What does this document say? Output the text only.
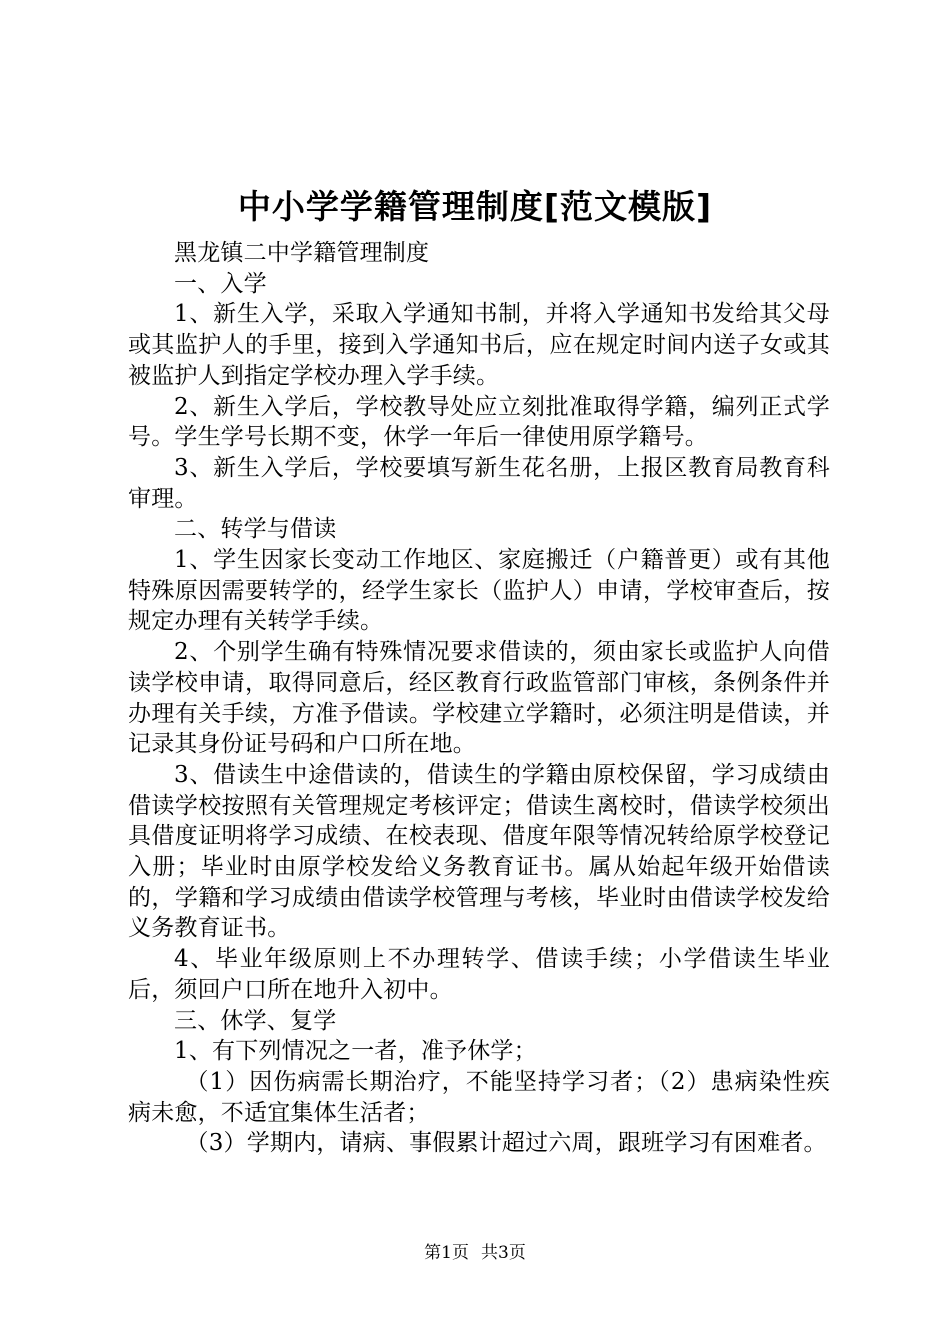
中小学学籍管理制度[范文模版]

黑龙镇二中学籍管理制度

一、入学

1、新生入学，采取入学通知书制，并将入学通知书发给其父母或其监护人的手里，接到入学通知书后，应在规定时间内送子女或其被监护人到指定学校办理入学手续。

2、新生入学后，学校教导处应立刻批准取得学籍，编列正式学号。学生学号长期不变，休学一年后一律使用原学籍号。

3、新生入学后，学校要填写新生花名册，上报区教育局教育科审理。

二、转学与借读

1、学生因家长变动工作地区、家庭搬迁（户籍普更）或有其他特殊原因需要转学的，经学生家长（监护人）申请，学校审查后，按规定办理有关转学手续。

2、个别学生确有特殊情况要求借读的，须由家长或监护人向借读学校申请，取得同意后，经区教育行政监管部门审核，条例条件并办理有关手续，方准予借读。学校建立学籍时，必须注明是借读，并记录其身份证号码和户口所在地。

3、借读生中途借读的，借读生的学籍由原校保留，学习成绩由借读学校按照有关管理规定考核评定；借读生离校时，借读学校须出具借度证明将学习成绩、在校表现、借度年限等情况转给原学校登记入册；毕业时由原学校发给义务教育证书。属从始起年级开始借读的，学籍和学习成绩由借读学校管理与考核，毕业时由借读学校发给义务教育证书。

4、毕业年级原则上不办理转学、借读手续；小学借读生毕业后，须回户口所在地升入初中。

三、休学、复学

1、有下列情况之一者，准予休学；

（1）因伤病需长期治疗，不能坚持学习者；（2）患病染性疾病未愈，不适宜集体生活者；

（3）学期内，请病、事假累计超过六周，跟班学习有困难者。

第1页 共3页
